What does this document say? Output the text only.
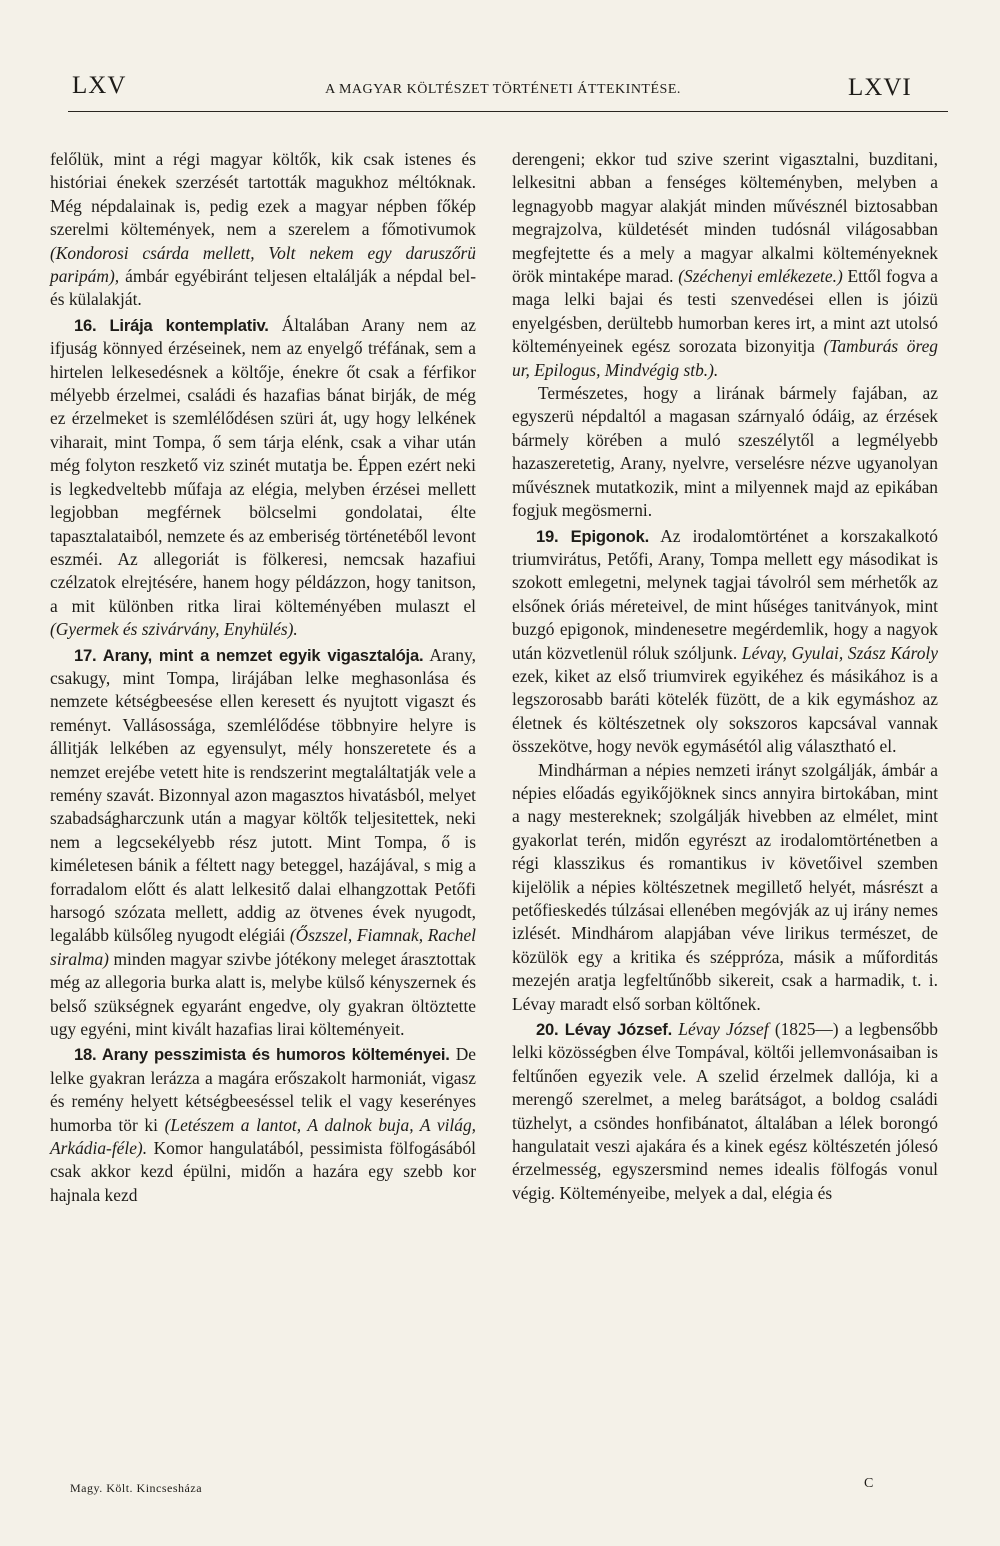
LXV	A MAGYAR KÖLTÉSZET TÖRTÉNETI ÁTTEKINTÉSE.	LXVI

felőlük, mint a régi magyar költők, kik csak istenes és históriai énekek szerzését tartották magukhoz méltóknak. Még népdalainak is, pedig ezek a magyar népben főkép szerelmi költemények, nem a szerelem a főmotivumok (Kondorosi csárda mellett, Volt nekem egy daruszőrü paripám), ámbár egyébiránt teljesen eltalálják a népdal bel- és külalakját.

16. Lirája kontemplativ. Általában Arany nem az ifjuság könnyed érzéseinek, nem az enyelgő tréfának, sem a hirtelen lelkesedésnek a költője, énekre őt csak a férfikor mélyebb érzelmei, családi és hazafias bánat birják, de még ez érzelmeket is szemlélődésen szüri át, ugy hogy lelkének viharait, mint Tompa, ő sem tárja elénk, csak a vihar után még folyton reszkető viz szinét mutatja be. Éppen ezért neki is legkedveltebb műfaja az elégia, melyben érzései mellett legjobban megférnek bölcselmi gondolatai, élte tapasztalataiból, nemzete és az emberiség történetéből levont eszméi. Az allegoriát is fölkeresi, nemcsak hazafiui czélzatok elrejtésére, hanem hogy példázzon, hogy tanitson, a mit különben ritka lirai költeményében mulaszt el (Gyermek és szivárvány, Enyhülés).

17. Arany, mint a nemzet egyik vigasztalója. Arany, csakugy, mint Tompa, lirájában lelke meghasonlása és nemzete kétségbeesése ellen keresett és nyujtott vigaszt és reményt. Vallásossága, szemlélődése többnyire helyre is állitják lelkében az egyensulyt, mély honszeretete és a nemzet erejébe vetett hite is rendszerint megtaláltatják vele a remény szavát. Bizonnyal azon magasztos hivatásból, melyet szabadságharczunk után a magyar költők teljesitettek, neki nem a legcsekélyebb rész jutott. Mint Tompa, ő is kiméletesen bánik a féltett nagy beteggel, hazájával, s mig a forradalom előtt és alatt lelkesitő dalai elhangzottak Petőfi harsogó szózata mellett, addig az ötvenes évek nyugodt, legalább külsőleg nyugodt elégiái (Őszszel, Fiamnak, Rachel siralma) minden magyar szivbe jótékony meleget árasztottak még az allegoria burka alatt is, melybe külső kényszernek és belső szükségnek egyaránt engedve, oly gyakran öltöztette ugy egyéni, mint kivált hazafias lirai költeményeit.

18. Arany pesszimista és humoros költeményei. De lelke gyakran lerázza a magára erőszakolt harmoniát, vigasz és remény helyett kétségbeeséssel telik el vagy keserényes humorba tör ki (Letészem a lantot, A dalnok buja, A világ, Arkádia-féle). Komor hangulatából, pessimista fölfogásából csak akkor kezd épülni, midőn a hazára egy szebb kor hajnala kezd

derengeni; ekkor tud szive szerint vigasztalni, buzditani, lelkesitni abban a fenséges költeményben, melyben a legnagyobb magyar alakját minden művésznél biztosabban megrajzolva, küldetését minden tudósnál világosabban megfejtette és a mely a magyar alkalmi költeményeknek örök mintaképe marad. (Széchenyi emlékezete.) Ettől fogva a maga lelki bajai és testi szenvedései ellen is jóizü enyelgésben, derültebb humorban keres irt, a mint azt utolsó költeményeinek egész sorozata bizonyitja (Tamburás öreg ur, Epilogus, Mindvégig stb.).

Természetes, hogy a lirának bármely fajában, az egyszerü népdaltól a magasan szárnyaló ódáig, az érzések bármely körében a muló szeszélytől a legmélyebb hazaszeretetig, Arany, nyelvre, verselésre nézve ugyanolyan művésznek mutatkozik, mint a milyennek majd az epikában fogjuk megösmerni.

19. Epigonok. Az irodalomtörténet a korszakalkotó triumvirátus, Petőfi, Arany, Tompa mellett egy másodikat is szokott emlegetni, melynek tagjai távolról sem mérhetők az elsőnek óriás méreteivel, de mint hűséges tanitványok, mint buzgó epigonok, mindenesetre megérdemlik, hogy a nagyok után közvetlenül róluk szóljunk. Lévay, Gyulai, Szász Károly ezek, kiket az első triumvirek egyikéhez és másikához is a legszorosabb baráti kötelék füzött, de a kik egymáshoz az életnek és költészetnek oly sokszoros kapcsával vannak összekötve, hogy nevök egymásétól alig választható el.

Mindhárman a népies nemzeti irányt szolgálják, ámbár a népies előadás egyikőjöknek sincs annyira birtokában, mint a nagy mestereknek; szolgálják hivebben az elmélet, mint gyakorlat terén, midőn egyrészt az irodalomtörténetben a régi klasszikus és romantikus iv követőivel szemben kijelölik a népies költészetnek megillető helyét, másrészt a petőfieskedés túlzásai ellenében megóvják az uj irány nemes izlését. Mindhárom alapjában véve lirikus természet, de közülök egy a kritika és széppróza, másik a műforditás mezején aratja legfeltűnőbb sikereit, csak a harmadik, t. i. Lévay maradt első sorban költőnek.

20. Lévay József. Lévay József (1825—) a legbensőbb lelki közösségben élve Tompával, költői jellemvonásaiban is feltűnően egyezik vele. A szelid érzelmek dallója, ki a merengő szerelmet, a meleg barátságot, a boldog családi tüzhelyt, a csöndes honfibánatot, általában a lélek borongó hangulatait veszi ajakára és a kinek egész költészetén jólesó érzelmesség, egyszersmind nemes idealis fölfogás vonul végig. Költeményeibe, melyek a dal, elégia és

Magy. Költ. Kincsesháza	C
